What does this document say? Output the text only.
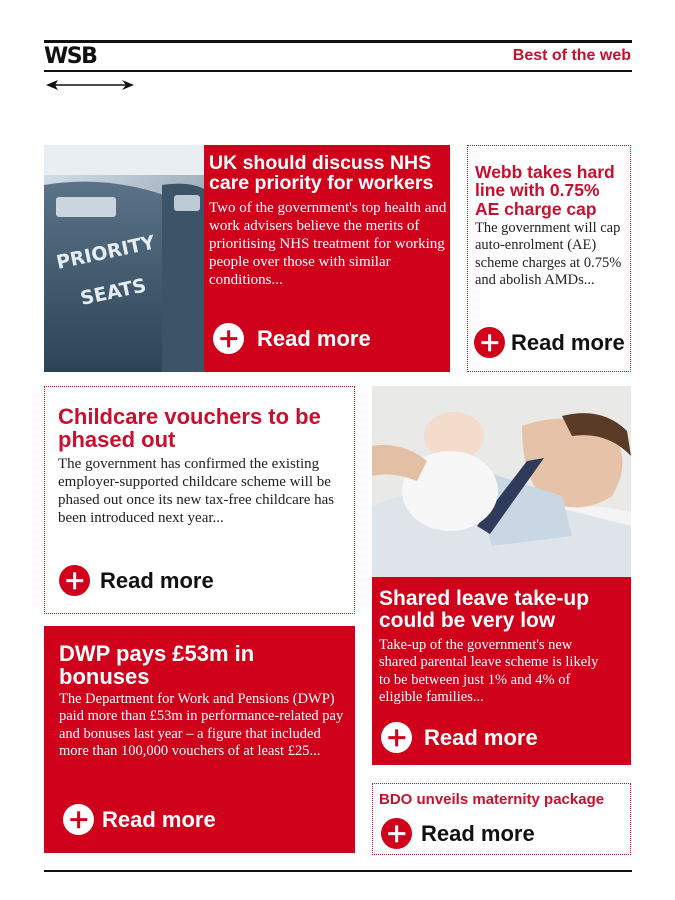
WSB	Best of the web
PRIORITY
SEATS
UK should discuss NHS care priority for workers
Two of the government's top health and work advisers believe the merits of prioritising NHS treatment for working people over those with similar conditions...
Read more
Webb takes hard line with 0.75% AE charge cap
The government will cap auto-enrolment (AE) scheme charges at 0.75% and abolish AMDs...
Read more
Childcare vouchers to be phased out
The government has confirmed the existing employer-supported childcare scheme will be phased out once its new tax-free childcare has been introduced next year...
Read more
Shared leave take-up could be very low
Take-up of the government's new shared parental leave scheme is likely to be between just 1% and 4% of eligible families...
Read more
DWP pays £53m in bonuses
The Department for Work and Pensions (DWP) paid more than £53m in performance-related pay and bonuses last year – a figure that included more than 100,000 vouchers of at least £25...
Read more
BDO unveils maternity package
Read more
